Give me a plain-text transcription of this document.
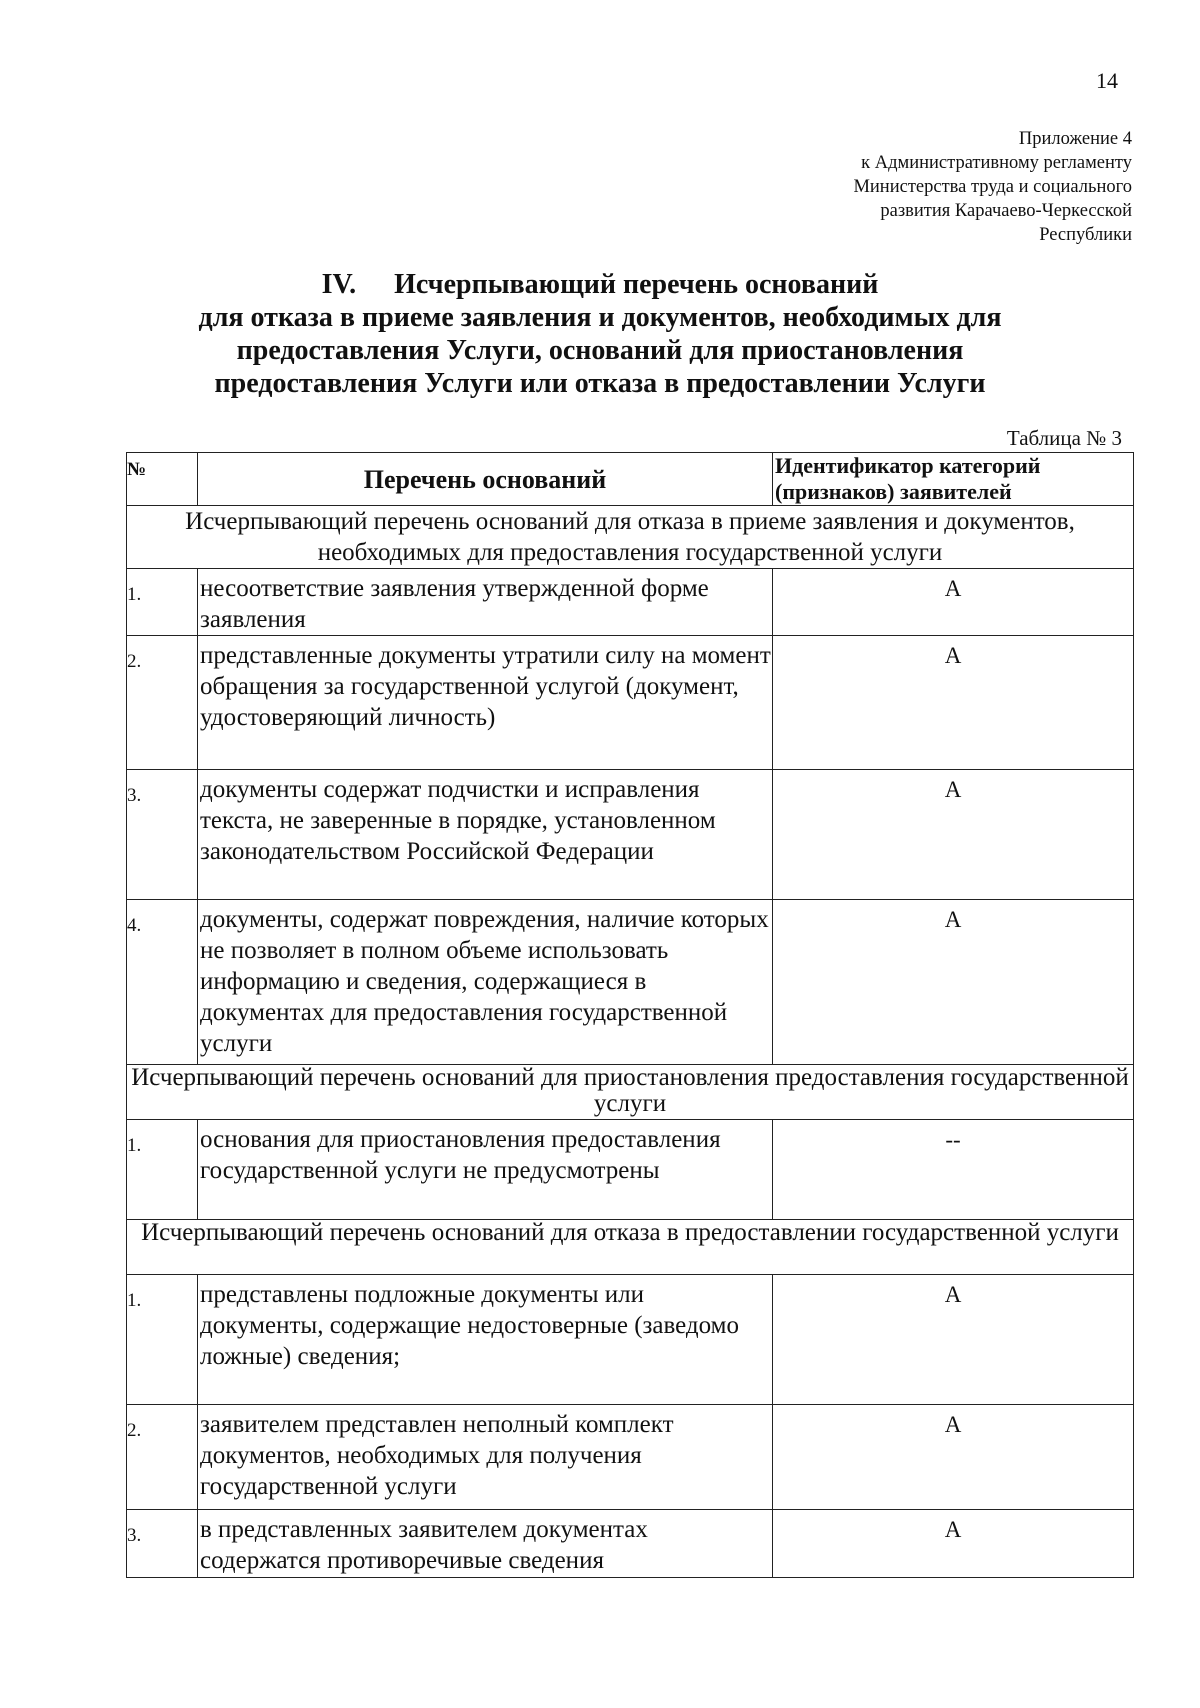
14
Приложение 4
к Административному регламенту
Министерства труда и социального
развития Карачаево-Черкесской
Республики
IV. Исчерпывающий перечень оснований
для отказа в приеме заявления и документов, необходимых для
предоставления Услуги, оснований для приостановления
предоставления Услуги или отказа в предоставлении Услуги
Таблица № 3
№	Перечень оснований	Идентификатор категорий (признаков) заявителей
Исчерпывающий перечень оснований для отказа в приеме заявления и документов, необходимых для предоставления государственной услуги		
1.	несоответствие заявления утвержденной форме заявления	А
2.	представленные документы утратили силу на момент обращения за государственной услугой (документ, удостоверяющий личность)	А
3.	документы содержат подчистки и исправления текста, не заверенные в порядке, установленном законодательством Российской Федерации	А
4.	документы, содержат повреждения, наличие которых не позволяет в полном объеме использовать информацию и сведения, содержащиеся в документах для предоставления государственной услуги	А
Исчерпывающий перечень оснований для приостановления предоставления государственной услуги		
1.	основания для приостановления предоставления государственной услуги не предусмотрены	--
Исчерпывающий перечень оснований для отказа в предоставлении государственной услуги		
1.	представлены подложные документы или документы, содержащие недостоверные (заведомо ложные) сведения;	А
2.	заявителем представлен неполный комплект документов, необходимых для получения государственной услуги	А
3.	в представленных заявителем документах содержатся противоречивые сведения	А
